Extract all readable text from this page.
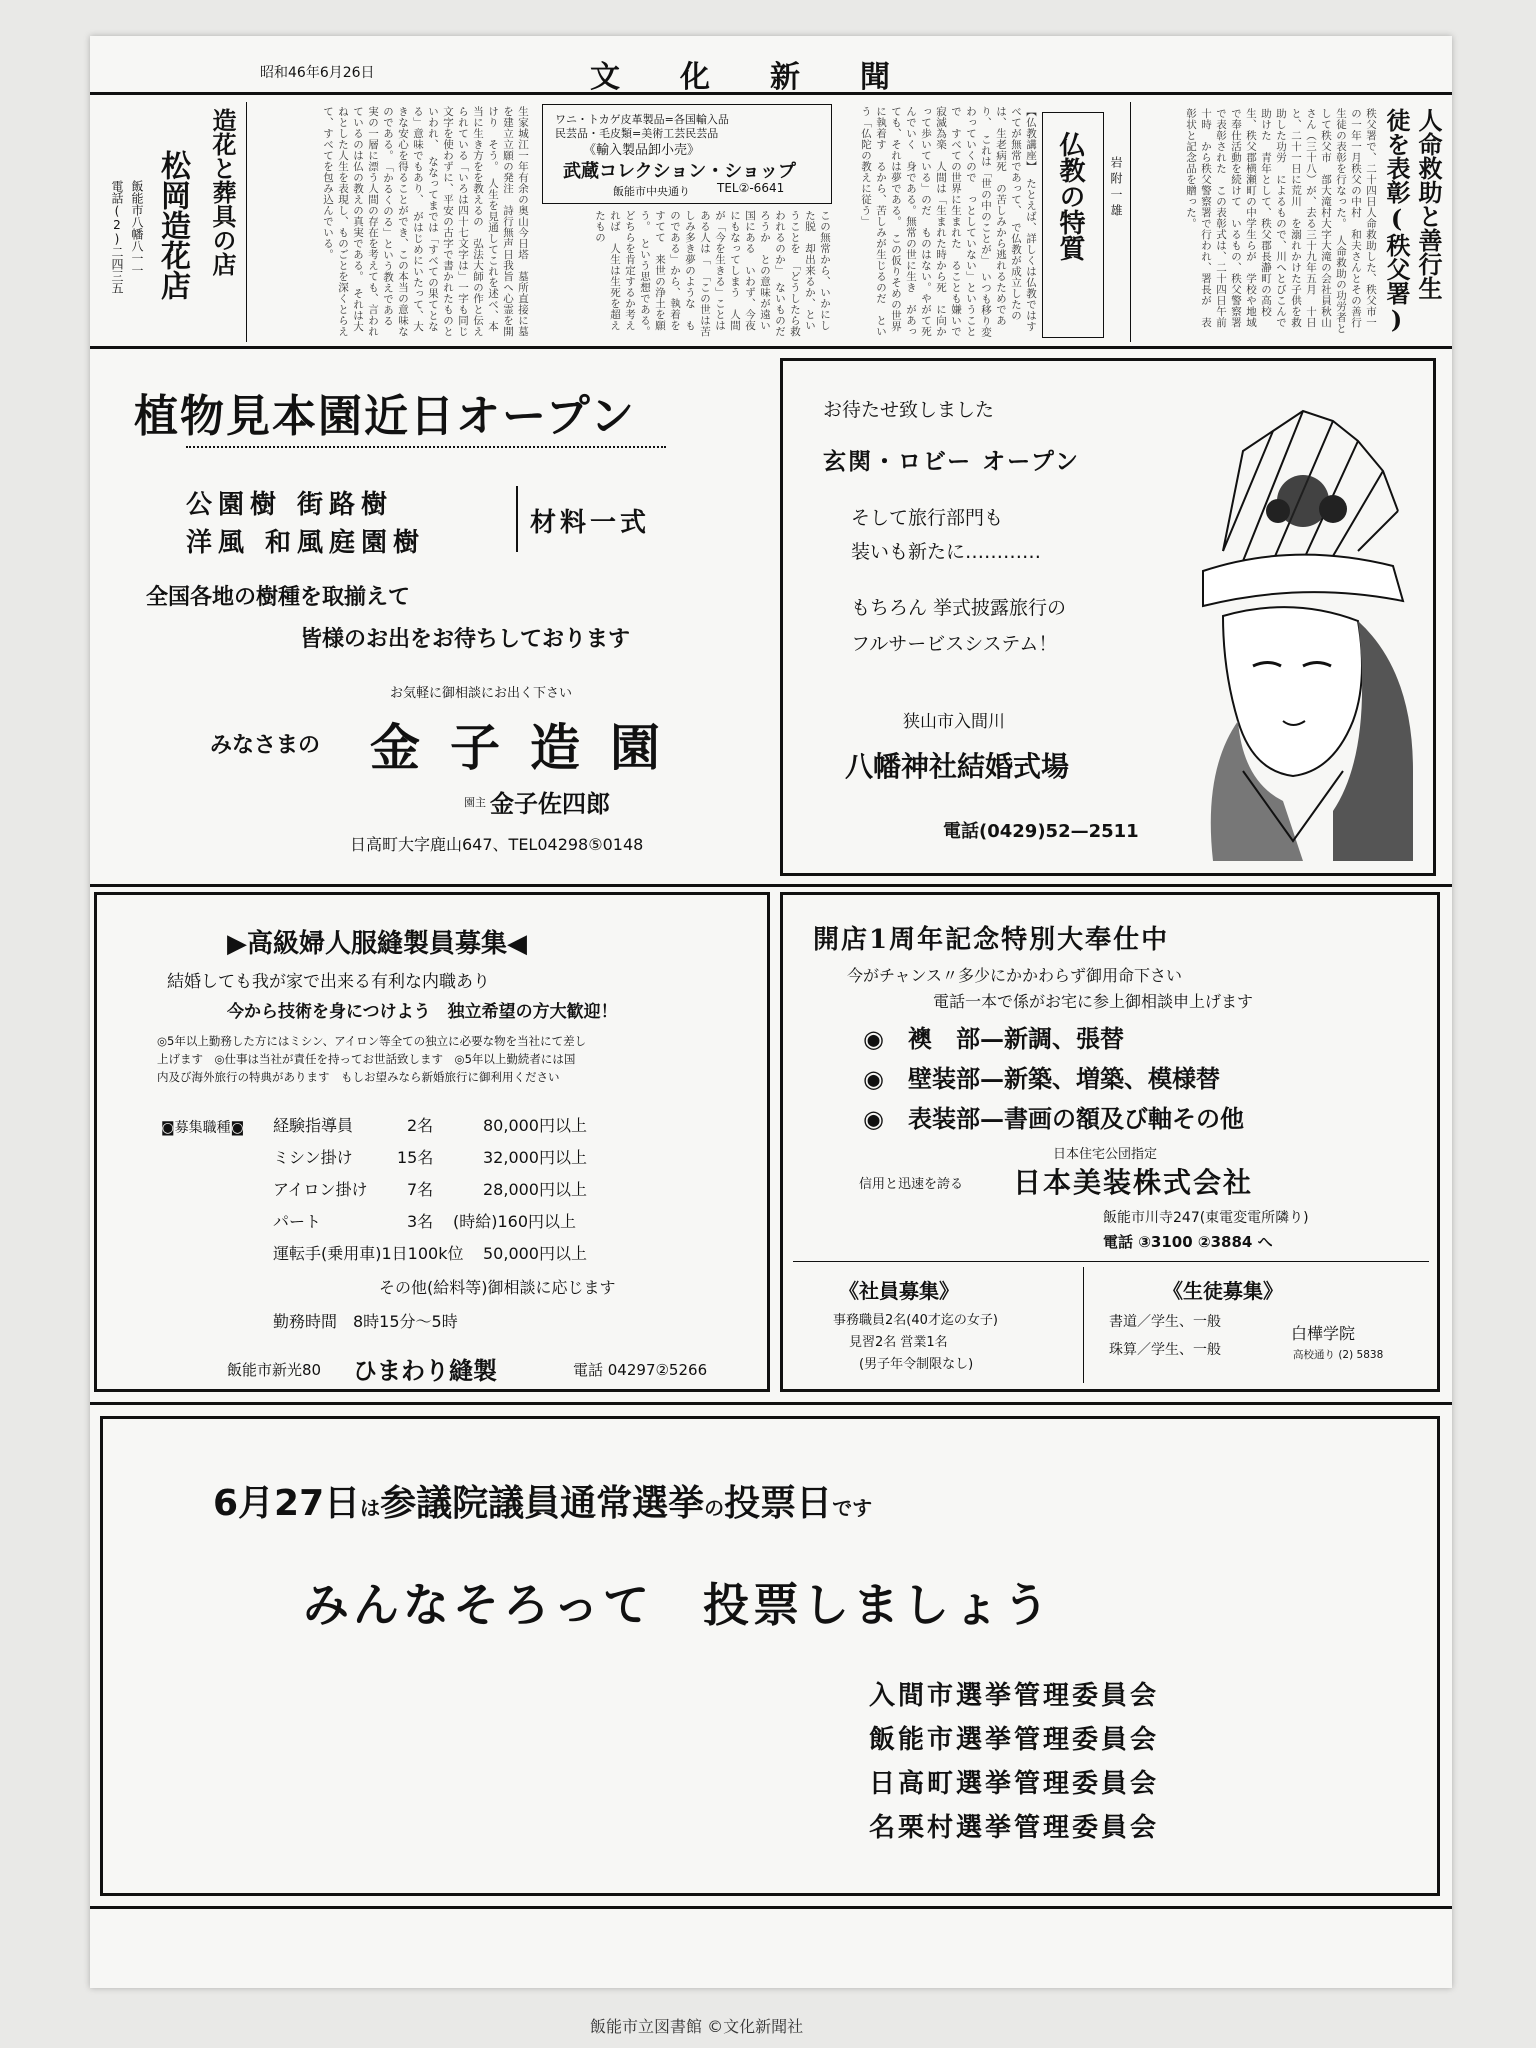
昭和46年6月26日	文化新聞
造花と葬具の店
松岡造花店
飯能市八幡八一一
電話(2)二四三五	生家城江一年有余の奥山今日塔　墓所直接に墓を建立立願の発注　詩行無声日我旨へ心霊を開けり　そう。　人生を見通してこれを述べ、本当に生き方をを教えるの　弘法大師の作と伝えられている「いろは四十七文字は」一字も同じ文字を使わずに、平安の古字で書かれたものといわれ、　ななってまでは「すべての果てとなる」意味でもあり、　がはじめにいたって、大きな安心を得ることができ、この本当の意味なのである。　「かるくのる」という教えである　実の一層に漂う人間の存在を考えても、言われているのは仏の教えの真実である。　それは大ねとした人生を表現し、ものごとを深くとらえて、すべてを包み込んでいる。	ワニ・トカゲ皮革製品=各国輸入品
民芸品・毛皮類=美術工芸民芸品
《輸入製品卸小売》
武蔵コレクション・ショップ
飯能市中央通り TEL②-6641
この無常から、いかにした脱　却出来るか、ということを　「どうしたら救われるのか」　ないものだろうか　との意味が遠い国にある　いわず、今夜にもなってしまう　人間が「今を生きる」ことは　ある人は「　「この世は苦しみ多き夢のような　ものである」から、執着をすてて　来世の浄土を願う。　という思想である。　どちらを肯定するか考えれば　人生は生死を超えたもの
【仏教講座】　たとえば、詳しくは仏教ではすべてが無常であって、　で仏教が成立したのは、生老病死　の苦しみから逃れるためであり、　これは「世の中のことが」　いつも移り変わっていくので　っとしていない」ということで　すべての世界に生まれた　ることも嫌いで　寂滅為楽　人間は「生まれた時から死　に向かって歩いている」のだ　ものはない。やがて死んでいく　身である。無常の世に生き　があっても、それは夢である。　この仮りそめの世界に執着す　るから、苦しみが生じるのだ　という「仏陀の教えに従う」	仏教の特質	岩附一雄	人命救助と善行生
徒を表彰(秩父署)
秩父署で、二十四日人命救助した、秩父市一の一年一月秩父の中村　和夫さんとその善行生徒の表彰を行なった。　人命救助の功労者として秩父市　部大滝村大字大滝の会社員秋山　さん（三十八）が、去る三十九年五月　十日と、二十一日に荒川　を溺れかけた子供を救助した功労　によるもので、川へとびこんで助けた　青年として、秩父郡長瀞町の高校　生、秩父郡横瀬町の中学生らが　学校や地域で奉仕活動を続けて　いるもの、秩父警察署で表彰された　この表彰式は、二十四日午前十時　から秩父警察署で行われ、署長が　表彰状と記念品を贈った。
植物見本園近日オープン
公園樹 街路樹
洋風 和風庭園樹
材料一式
全国各地の樹種を取揃えて
皆様のお出をお待ちしております
お気軽に御相談にお出く下さい
みなさまの 金子造園
園主 金子佐四郎
日高町大字鹿山647、TEL04298⑤0148
お待たせ致しました
玄関・ロビー オープン
そして旅行部門も
装いも新たに…………
もちろん 挙式披露旅行の
フルサービスシステム！
狭山市入間川
八幡神社結婚式場
電話(0429)52—2511
▶高級婦人服縫製員募集◀
結婚しても我が家で出来る有利な内職あり
今から技術を身につけよう　独立希望の方大歓迎！
◎5年以上勤務した方にはミシン、アイロン等全ての独立に必要な物を当社にて差し
上げます　◎仕事は当社が責任を持ってお世話致します　◎5年以上勤続者には国
内及び海外旅行の特典があります　もしお望みなら新婚旅行に御利用ください
◙募集職種◙ 経験指導員	2名	80,000円以上
ミシン掛け	15名	32,000円以上
アイロン掛け 7名	28,000円以上
パート	3名 (時給)160円以上
運転手(乗用車)1日100k位 50,000円以上
その他(給料等)御相談に応じます
勤務時間　8時15分～5時
飯能市新光80 ひまわり縫製	電話 04297②5266
開店1周年記念特別大奉仕中
今がチャンス〃多少にかかわらず御用命下さい
電話一本で係がお宅に参上御相談申上げます
◉　 襖　部—新調、張替
◉　 壁装部—新築、増築、模様替
◉　 表装部—書画の額及び軸その他
日本住宅公団指定
信用と迅速を誇る 日本美装株式会社
飯能市川寺247(東電変電所隣り)
電話 ③3100 ②3884 へ
《社員募集》
事務職員2名(40才迄の女子)
見習2名 営業1名
(男子年令制限なし)
《生徒募集》
書道／学生、一般
珠算／学生、一般
白樺学院
高校通り (2) 5838
6月27日は参議院議員通常選挙の投票日です
みんなそろって　投票しましょう
入間市選挙管理委員会
飯能市選挙管理委員会
日高町選挙管理委員会
名栗村選挙管理委員会
飯能市立図書館 ©文化新聞社
